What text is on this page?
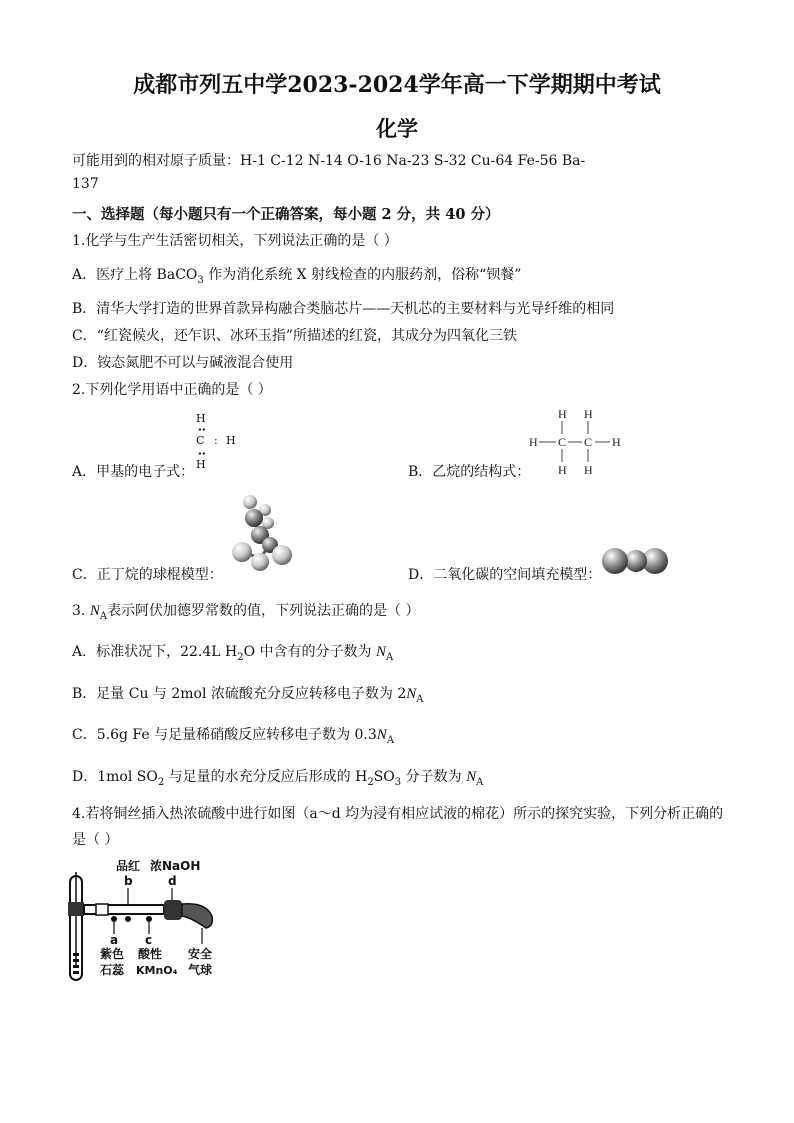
成都市列五中学2023-2024学年高一下学期期中考试
化学
可能用到的相对原子质量：H-1 C-12 N-14 O-16 Na-23 S-32 Cu-64 Fe-56 Ba-
137
一、选择题（每小题只有一个正确答案，每小题 2 分，共 40 分）
1.化学与生产生活密切相关，下列说法正确的是（ ）
A．医疗上将 BaCO$_3$ 作为消化系统 X 射线检查的内服药剂，俗称“钡餐”
B．清华大学打造的世界首款异构融合类脑芯片——天机芯的主要材料与光导纤维的相同
C．“红瓷候火，还乍识、冰环玉指”所描述的红瓷，其成分为四氧化三铁
D．铵态氮肥不可以与碱液混合使用
2.下列化学用语中正确的是（ ）
H
∙∙
C : H
∙∙
H
A．甲基的电子式：
H H
H C C H
H H
B．乙烷的结构式：
C．正丁烷的球棍模型：	D．二氧化碳的空间填充模型：
3. $N_A$表示阿伏加德罗常数的值，下列说法正确的是（ ）
A．标准状况下，22.4L $H_2O$ 中含有的分子数为 $N_A$
B．足量 Cu 与 2mol 浓硫酸充分反应转移电子数为 $2N_A$
C．5.6g Fe 与足量稀硝酸反应转移电子数为 $0.3N_A$
D．1mol $SO_2$ 与足量的水充分反应后形成的 $H_2SO_3$ 分子数为 $N_A$
4.若将铜丝插入热浓硫酸中进行如图（a～d 均为浸有相应试液的棉花）所示的探究实验，下列分析正确的
是（ ）
品红 浓NaOH
b	d
a c
紫色
石蕊
酸性
KMnO₄
安全
气球
